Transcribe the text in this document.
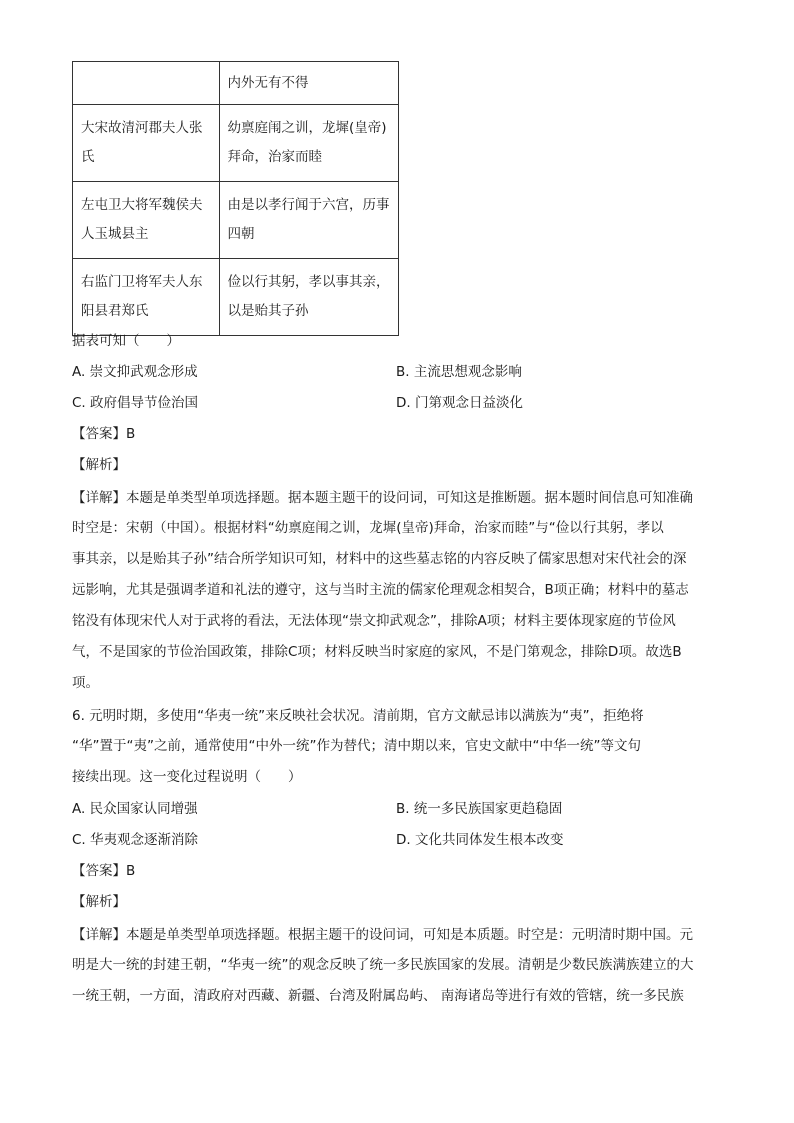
	内外无有不得
大宋故清河郡夫人张氏	幼禀庭闱之训，龙墀(皇帝)拜命，治家而睦
左屯卫大将军魏侯夫人玉城县主	由是以孝行闻于六宫，历事四朝
右监门卫将军夫人东阳县君郑氏	俭以行其躬，孝以事其亲，以是贻其子孙
据表可知（　　）
A. 崇文抑武观念形成	B. 主流思想观念影响
C. 政府倡导节俭治国	D. 门第观念日益淡化
【答案】B
【解析】
【详解】本题是单类型单项选择题。据本题主题干的设问词，可知这是推断题。据本题时间信息可知准确
时空是：宋朝（中国）。根据材料“幼禀庭闱之训，龙墀(皇帝)拜命，治家而睦”与“俭以行其躬，孝以
事其亲，以是贻其子孙”结合所学知识可知，材料中的这些墓志铭的内容反映了儒家思想对宋代社会的深
远影响，尤其是强调孝道和礼法的遵守，这与当时主流的儒家伦理观念相契合，B项正确；材料中的墓志
铭没有体现宋代人对于武将的看法，无法体现“崇文抑武观念”，排除A项；材料主要体现家庭的节俭风
气，不是国家的节俭治国政策，排除C项；材料反映当时家庭的家风，不是门第观念，排除D项。故选B
项。
6. 元明时期，多使用“华夷一统”来反映社会状况。清前期，官方文献忌讳以满族为“夷”，拒绝将
“华”置于“夷”之前，通常使用“中外一统”作为替代；清中期以来，官史文献中“中华一统”等文句
接续出现。这一变化过程说明（　　）
A. 民众国家认同增强	B. 统一多民族国家更趋稳固
C. 华夷观念逐渐消除	D. 文化共同体发生根本改变
【答案】B
【解析】
【详解】本题是单类型单项选择题。根据主题干的设问词，可知是本质题。时空是：元明清时期中国。元
明是大一统的封建王朝，“华夷一统”的观念反映了统一多民族国家的发展。清朝是少数民族满族建立的大
一统王朝，一方面，清政府对西藏、新疆、台湾及附属岛屿、 南海诸岛等进行有效的管辖，统一多民族
